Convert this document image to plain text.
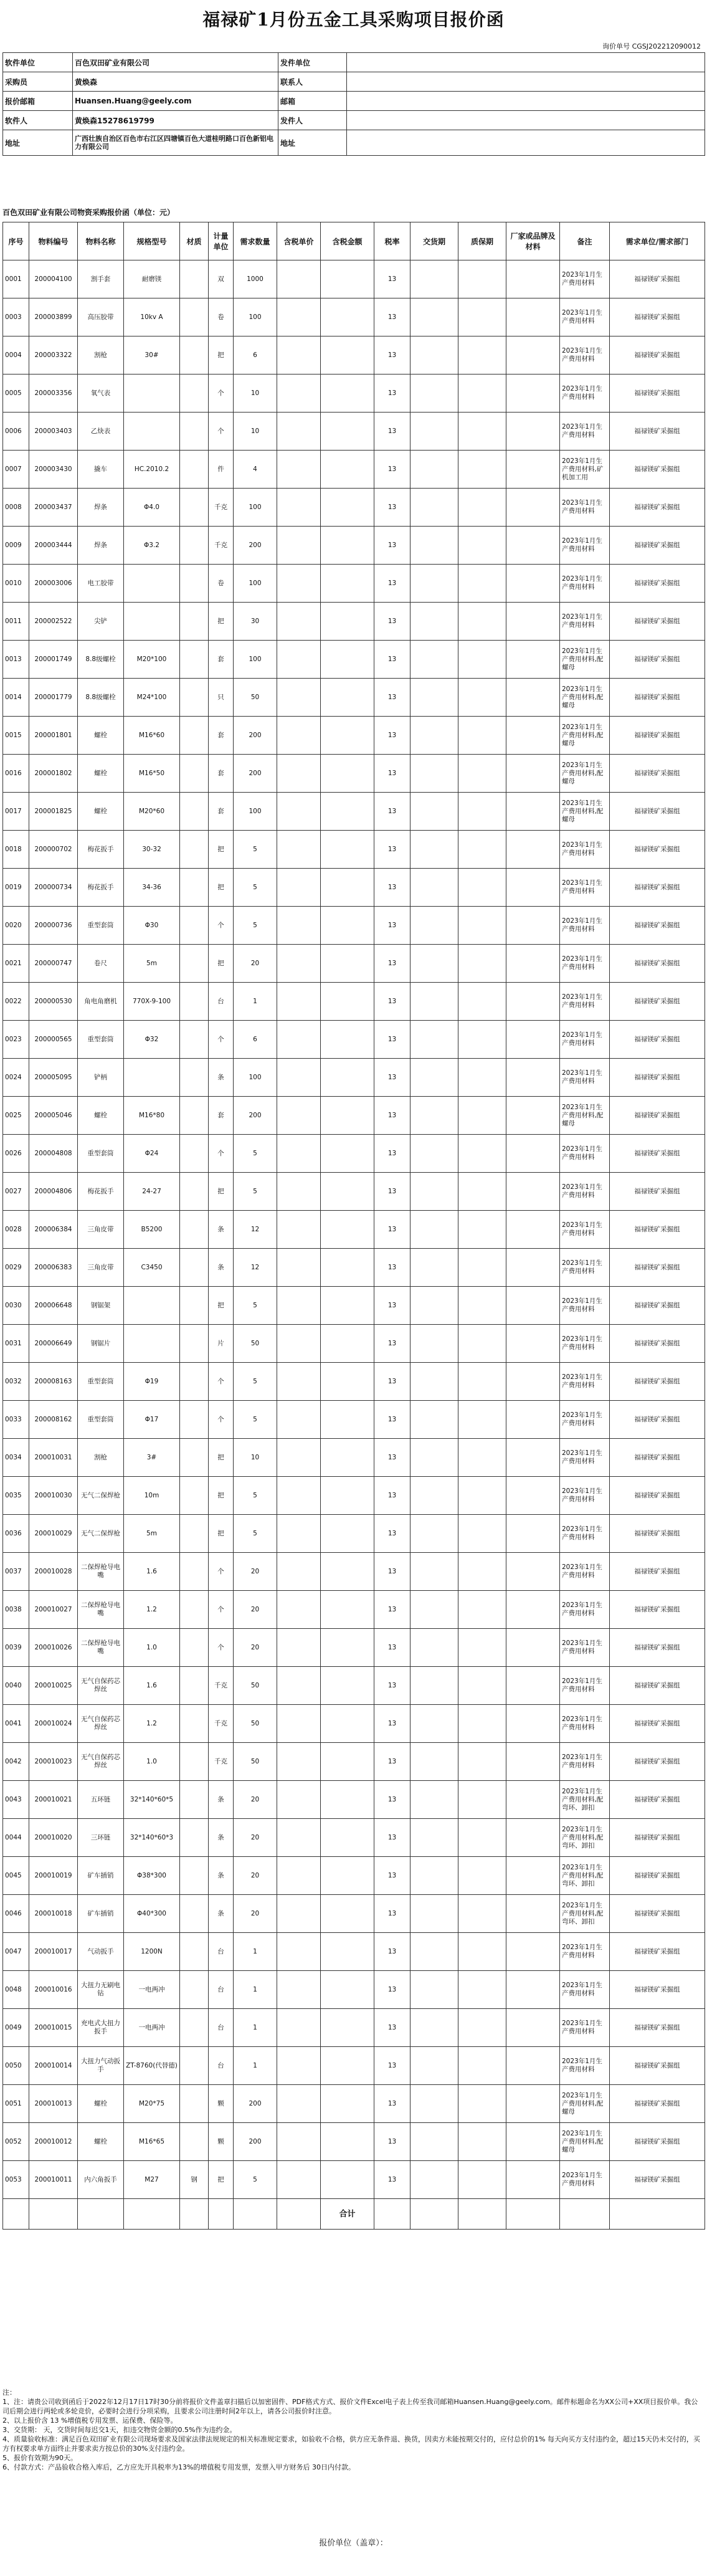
福禄矿1月份五金工具采购项目报价函
询价单号 CGSJ202212090012
软件单位	百色双田矿业有限公司	发件单位	
采购员	黄焕森	联系人	
报价邮箱	Huansen.Huang@geely.com	邮箱	
软件人	黄焕森15278619799	发件人	
地址	广西壮族自治区百色市右江区四塘镇百色大道桂明路口百色新铝电力有限公司	地址	
百色双田矿业有限公司物资采购报价函（单位：元）
序号	物料编号	物料名称	规格型号	材质	计量单位	需求数量	含税单价	含税金额	税率	交货期	质保期	厂家或品牌及材料	备注	需求单位/需求部门
0001	200004100	割手套	耐磨镁		双	1000			13				2023年1月生产费用材料	福禄镁矿采掘组
0003	200003899	高压胶带	10kv A		卷	100			13				2023年1月生产费用材料	福禄镁矿采掘组
0004	200003322	割枪	30#		把	6			13				2023年1月生产费用材料	福禄镁矿采掘组
0005	200003356	氧气表			个	10			13				2023年1月生产费用材料	福禄镁矿采掘组
0006	200003403	乙炔表			个	10			13				2023年1月生产费用材料	福禄镁矿采掘组
0007	200003430	撬车	HC.2010.2		件	4			13				2023年1月生产费用材料,矿机加工用	福禄镁矿采掘组
0008	200003437	焊条	Φ4.0		千克	100			13				2023年1月生产费用材料	福禄镁矿采掘组
0009	200003444	焊条	Φ3.2		千克	200			13				2023年1月生产费用材料	福禄镁矿采掘组
0010	200003006	电工胶带			卷	100			13				2023年1月生产费用材料	福禄镁矿采掘组
0011	200002522	尖铲			把	30			13				2023年1月生产费用材料	福禄镁矿采掘组
0013	200001749	8.8级螺栓	M20*100		套	100			13				2023年1月生产费用材料,配螺母	福禄镁矿采掘组
0014	200001779	8.8级螺栓	M24*100		只	50			13				2023年1月生产费用材料,配螺母	福禄镁矿采掘组
0015	200001801	螺栓	M16*60		套	200			13				2023年1月生产费用材料,配螺母	福禄镁矿采掘组
0016	200001802	螺栓	M16*50		套	200			13				2023年1月生产费用材料,配螺母	福禄镁矿采掘组
0017	200001825	螺栓	M20*60		套	100			13				2023年1月生产费用材料,配螺母	福禄镁矿采掘组
0018	200000702	梅花扳手	30-32		把	5			13				2023年1月生产费用材料	福禄镁矿采掘组
0019	200000734	梅花扳手	34-36		把	5			13				2023年1月生产费用材料	福禄镁矿采掘组
0020	200000736	重型套筒	Φ30		个	5			13				2023年1月生产费用材料	福禄镁矿采掘组
0021	200000747	卷尺	5m		把	20			13				2023年1月生产费用材料	福禄镁矿采掘组
0022	200000530	角电角磨机	770X-9-100		台	1			13				2023年1月生产费用材料	福禄镁矿采掘组
0023	200000565	重型套筒	Φ32		个	6			13				2023年1月生产费用材料	福禄镁矿采掘组
0024	200005095	铲柄			条	100			13				2023年1月生产费用材料	福禄镁矿采掘组
0025	200005046	螺栓	M16*80		套	200			13				2023年1月生产费用材料,配螺母	福禄镁矿采掘组
0026	200004808	重型套筒	Φ24		个	5			13				2023年1月生产费用材料	福禄镁矿采掘组
0027	200004806	梅花扳手	24-27		把	5			13				2023年1月生产费用材料	福禄镁矿采掘组
0028	200006384	三角皮带	B5200		条	12			13				2023年1月生产费用材料	福禄镁矿采掘组
0029	200006383	三角皮带	C3450		条	12			13				2023年1月生产费用材料	福禄镁矿采掘组
0030	200006648	钢锯架			把	5			13				2023年1月生产费用材料	福禄镁矿采掘组
0031	200006649	钢锯片			片	50			13				2023年1月生产费用材料	福禄镁矿采掘组
0032	200008163	重型套筒	Φ19		个	5			13				2023年1月生产费用材料	福禄镁矿采掘组
0033	200008162	重型套筒	Φ17		个	5			13				2023年1月生产费用材料	福禄镁矿采掘组
0034	200010031	割枪	3#		把	10			13				2023年1月生产费用材料	福禄镁矿采掘组
0035	200010030	无气二保焊枪	10m		把	5			13				2023年1月生产费用材料	福禄镁矿采掘组
0036	200010029	无气二保焊枪	5m		把	5			13				2023年1月生产费用材料	福禄镁矿采掘组
0037	200010028	二保焊枪导电嘴	1.6		个	20			13				2023年1月生产费用材料	福禄镁矿采掘组
0038	200010027	二保焊枪导电嘴	1.2		个	20			13				2023年1月生产费用材料	福禄镁矿采掘组
0039	200010026	二保焊枪导电嘴	1.0		个	20			13				2023年1月生产费用材料	福禄镁矿采掘组
0040	200010025	无气自保药芯焊丝	1.6		千克	50			13				2023年1月生产费用材料	福禄镁矿采掘组
0041	200010024	无气自保药芯焊丝	1.2		千克	50			13				2023年1月生产费用材料	福禄镁矿采掘组
0042	200010023	无气自保药芯焊丝	1.0		千克	50			13				2023年1月生产费用材料	福禄镁矿采掘组
0043	200010021	五环链	32*140*60*5		条	20			13				2023年1月生产费用材料,配弯环、卸扣	福禄镁矿采掘组
0044	200010020	三环链	32*140*60*3		条	20			13				2023年1月生产费用材料,配弯环、卸扣	福禄镁矿采掘组
0045	200010019	矿车插销	Φ38*300		条	20			13				2023年1月生产费用材料,配弯环、卸扣	福禄镁矿采掘组
0046	200010018	矿车插销	Φ40*300		条	20			13				2023年1月生产费用材料,配弯环、卸扣	福禄镁矿采掘组
0047	200010017	气动扳手	1200N		台	1			13				2023年1月生产费用材料	福禄镁矿采掘组
0048	200010016	大扭力无刷电钻	一电两冲		台	1			13				2023年1月生产费用材料	福禄镁矿采掘组
0049	200010015	充电式大扭力扳手	一电两冲		台	1			13				2023年1月生产费用材料	福禄镁矿采掘组
0050	200010014	大扭力气动扳手	ZT-8760(代替德)		台	1			13				2023年1月生产费用材料	福禄镁矿采掘组
0051	200010013	螺栓	M20*75		颗	200			13				2023年1月生产费用材料,配螺母	福禄镁矿采掘组
0052	200010012	螺栓	M16*65		颗	200			13				2023年1月生产费用材料,配螺母	福禄镁矿采掘组
0053	200010011	内六角扳手	M27	钢	把	5			13				2023年1月生产费用材料	福禄镁矿采掘组
								合计						
注：
1、注：请贵公司收到函后于2022年12月17日17时30分前将报价文件盖章扫描后以加密固件、PDF格式方式、报价文件Excel电子表上传至我司邮箱Huansen.Huang@geely.com。邮件标题命名为XX公司+XX项目报价单。我公司后期会进行两轮或多轮竞价，必要时会进行分项采购，且要求公司注册时间2年以上，请各公司报价时注意。
2、以上报价含 13 %增值税专用发票、运保费、保险等。
3、交货期： 天，交货时间每迟交1天，扣违交物资金额的0.5%作为违约金。
4、质量验收标准：满足百色双田矿业有限公司现场要求及国家法律法规规定的相关标准规定要求，如验收不合格，供方应无条件退、换货，因卖方未能按期交付的，应付总价的1% 每天向买方支付违约金，超过15天仍未交付的，买方有权要求单方面终止并要求卖方按总价的30%支付违约金。
5、报价有效期为90天。
6、付款方式：产品验收合格入库后，乙方应先开具税率为13%的增值税专用发票，发票入甲方财务后 30日内付款。
报价单位（盖章）：
